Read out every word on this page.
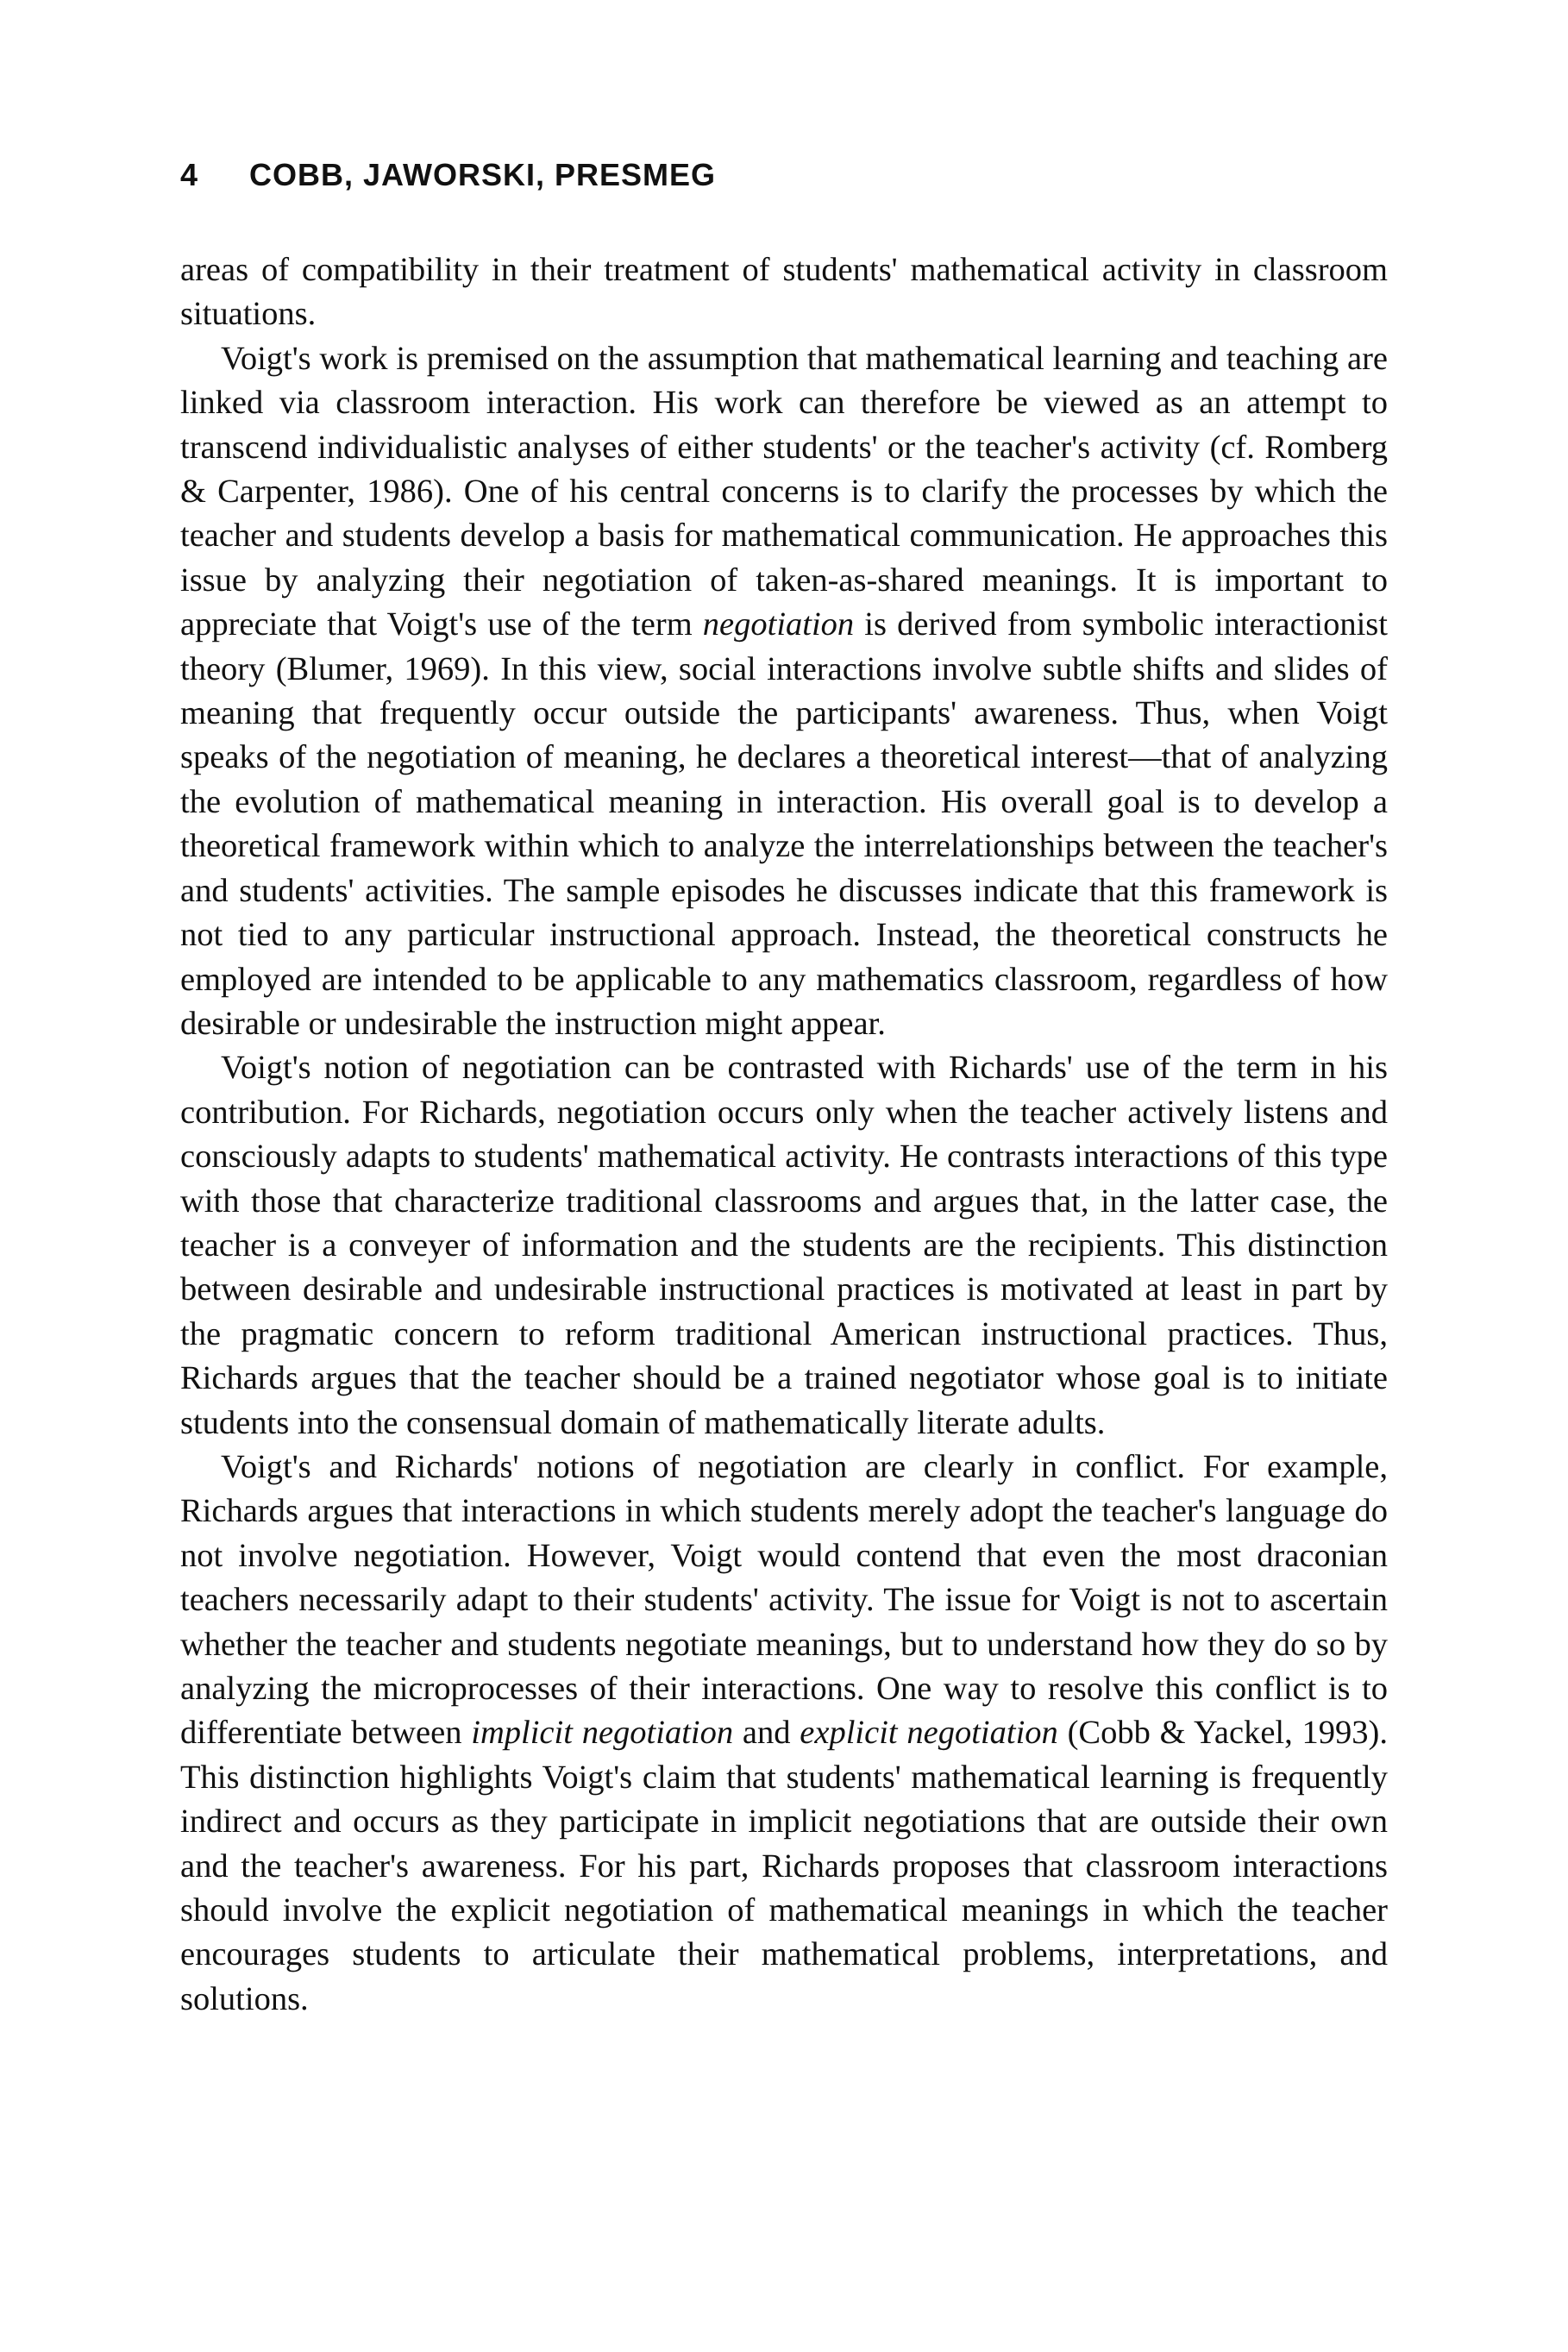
4 COBB, JAWORSKI, PRESMEG

areas of compatibility in their treatment of students' mathematical activity in classroom situations.

Voigt's work is premised on the assumption that mathematical learning and teaching are linked via classroom interaction. His work can therefore be viewed as an attempt to transcend individualistic analyses of either students' or the teacher's activity (cf. Romberg & Carpenter, 1986). One of his central concerns is to clarify the processes by which the teacher and students develop a basis for mathematical communication. He approaches this issue by analyzing their negotiation of taken-as-shared meanings. It is important to appreciate that Voigt's use of the term negotiation is derived from symbolic interactionist theory (Blumer, 1969). In this view, social interactions involve subtle shifts and slides of meaning that frequently occur outside the participants' awareness. Thus, when Voigt speaks of the negotiation of meaning, he declares a theoretical interest—that of analyzing the evolution of mathematical meaning in interaction. His overall goal is to develop a theoretical framework within which to analyze the interrelationships between the teacher's and students' activities. The sample episodes he discusses indicate that this framework is not tied to any particular instructional approach. Instead, the theoretical constructs he employed are intended to be applicable to any mathematics classroom, regardless of how desirable or undesirable the instruction might appear.

Voigt's notion of negotiation can be contrasted with Richards' use of the term in his contribution. For Richards, negotiation occurs only when the teacher actively listens and consciously adapts to students' mathematical activity. He contrasts interactions of this type with those that characterize traditional classrooms and argues that, in the latter case, the teacher is a conveyer of information and the students are the recipients. This distinction between desirable and undesirable instructional practices is motivated at least in part by the pragmatic concern to reform traditional American instructional practices. Thus, Richards argues that the teacher should be a trained negotiator whose goal is to initiate students into the consensual domain of mathematically literate adults.

Voigt's and Richards' notions of negotiation are clearly in conflict. For example, Richards argues that interactions in which students merely adopt the teacher's language do not involve negotiation. However, Voigt would contend that even the most draconian teachers necessarily adapt to their students' activity. The issue for Voigt is not to ascertain whether the teacher and students negotiate meanings, but to understand how they do so by analyzing the microprocesses of their interactions. One way to resolve this conflict is to differentiate between implicit negotiation and explicit negotiation (Cobb & Yackel, 1993). This distinction highlights Voigt's claim that students' mathematical learning is frequently indirect and occurs as they participate in implicit negotiations that are outside their own and the teacher's awareness. For his part, Richards proposes that classroom interactions should involve the explicit negotiation of mathematical meanings in which the teacher encourages students to articulate their mathematical problems, interpretations, and solutions.
